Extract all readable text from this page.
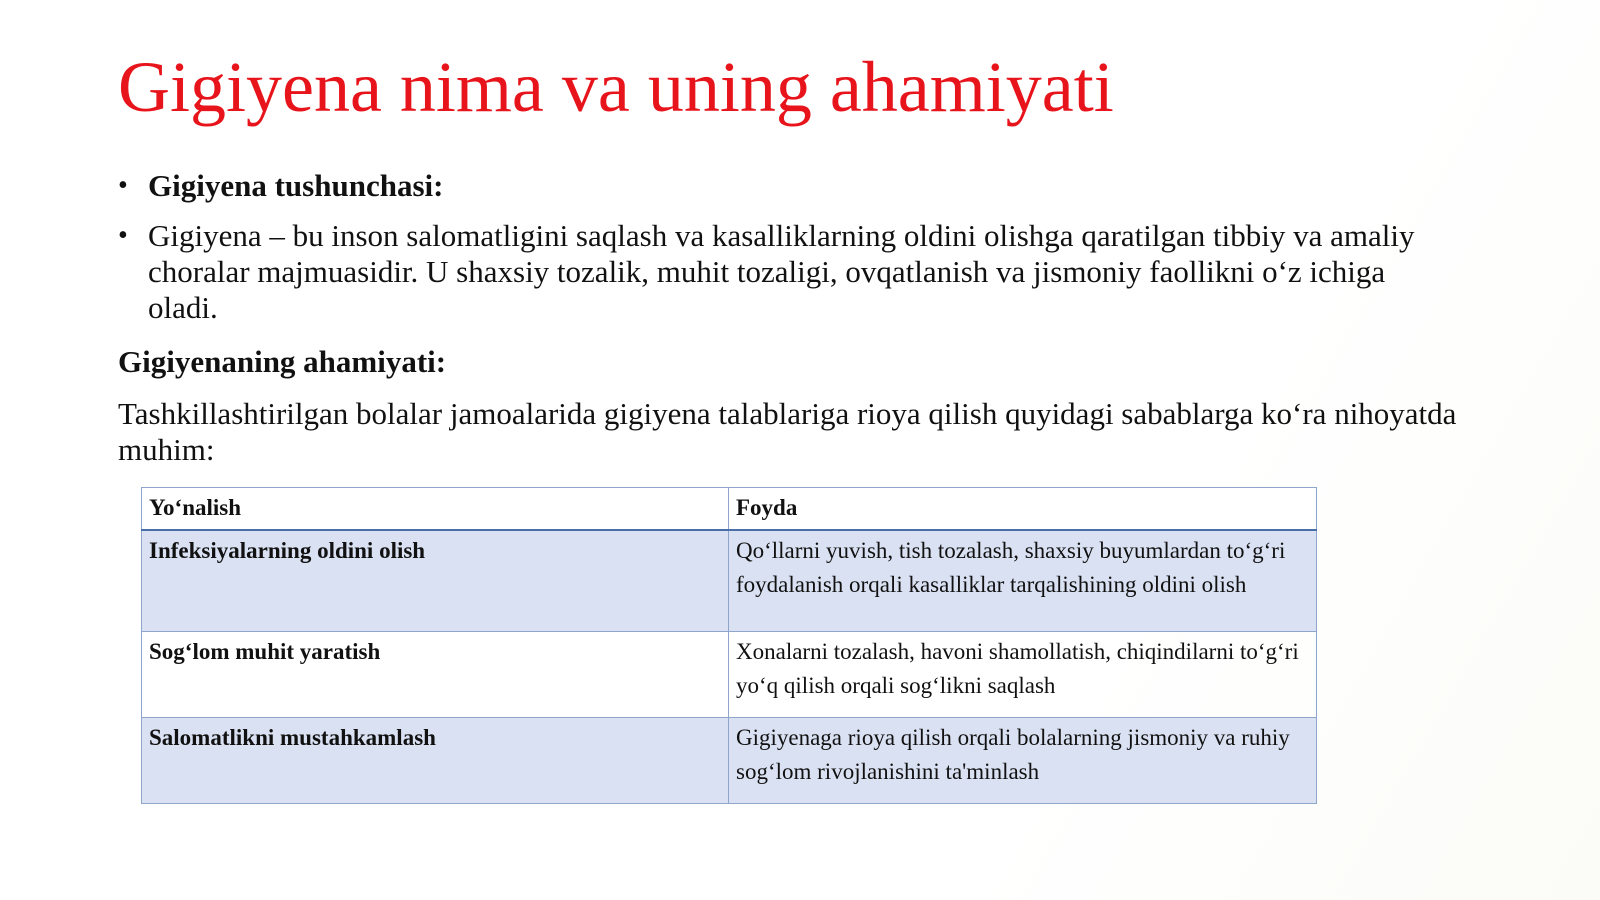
Gigiyena nima va uning ahamiyati
• Gigiyena tushunchasi:
• Gigiyena – bu inson salomatligini saqlash va kasalliklarning oldini olishga qaratilgan tibbiy va amaliy choralar majmuasidir. U shaxsiy tozalik, muhit tozaligi, ovqatlanish va jismoniy faollikni o‘z ichiga oladi.
Gigiyenaning ahamiyati:

Tashkillashtirilgan bolalar jamoalarida gigiyena talablariga rioya qilish quyidagi sabablarga ko‘ra nihoyatda muhim:

Yo‘nalish	Foyda
Infeksiyalarning oldini olish	Qo‘llarni yuvish, tish tozalash, shaxsiy buyumlardan to‘g‘ri foydalanish orqali kasalliklar tarqalishining oldini olish
Sog‘lom muhit yaratish	Xonalarni tozalash, havoni shamollatish, chiqindilarni to‘g‘ri yo‘q qilish orqali sog‘likni saqlash
Salomatlikni mustahkamlash	Gigiyenaga rioya qilish orqali bolalarning jismoniy va ruhiy sog‘lom rivojlanishini ta'minlash
